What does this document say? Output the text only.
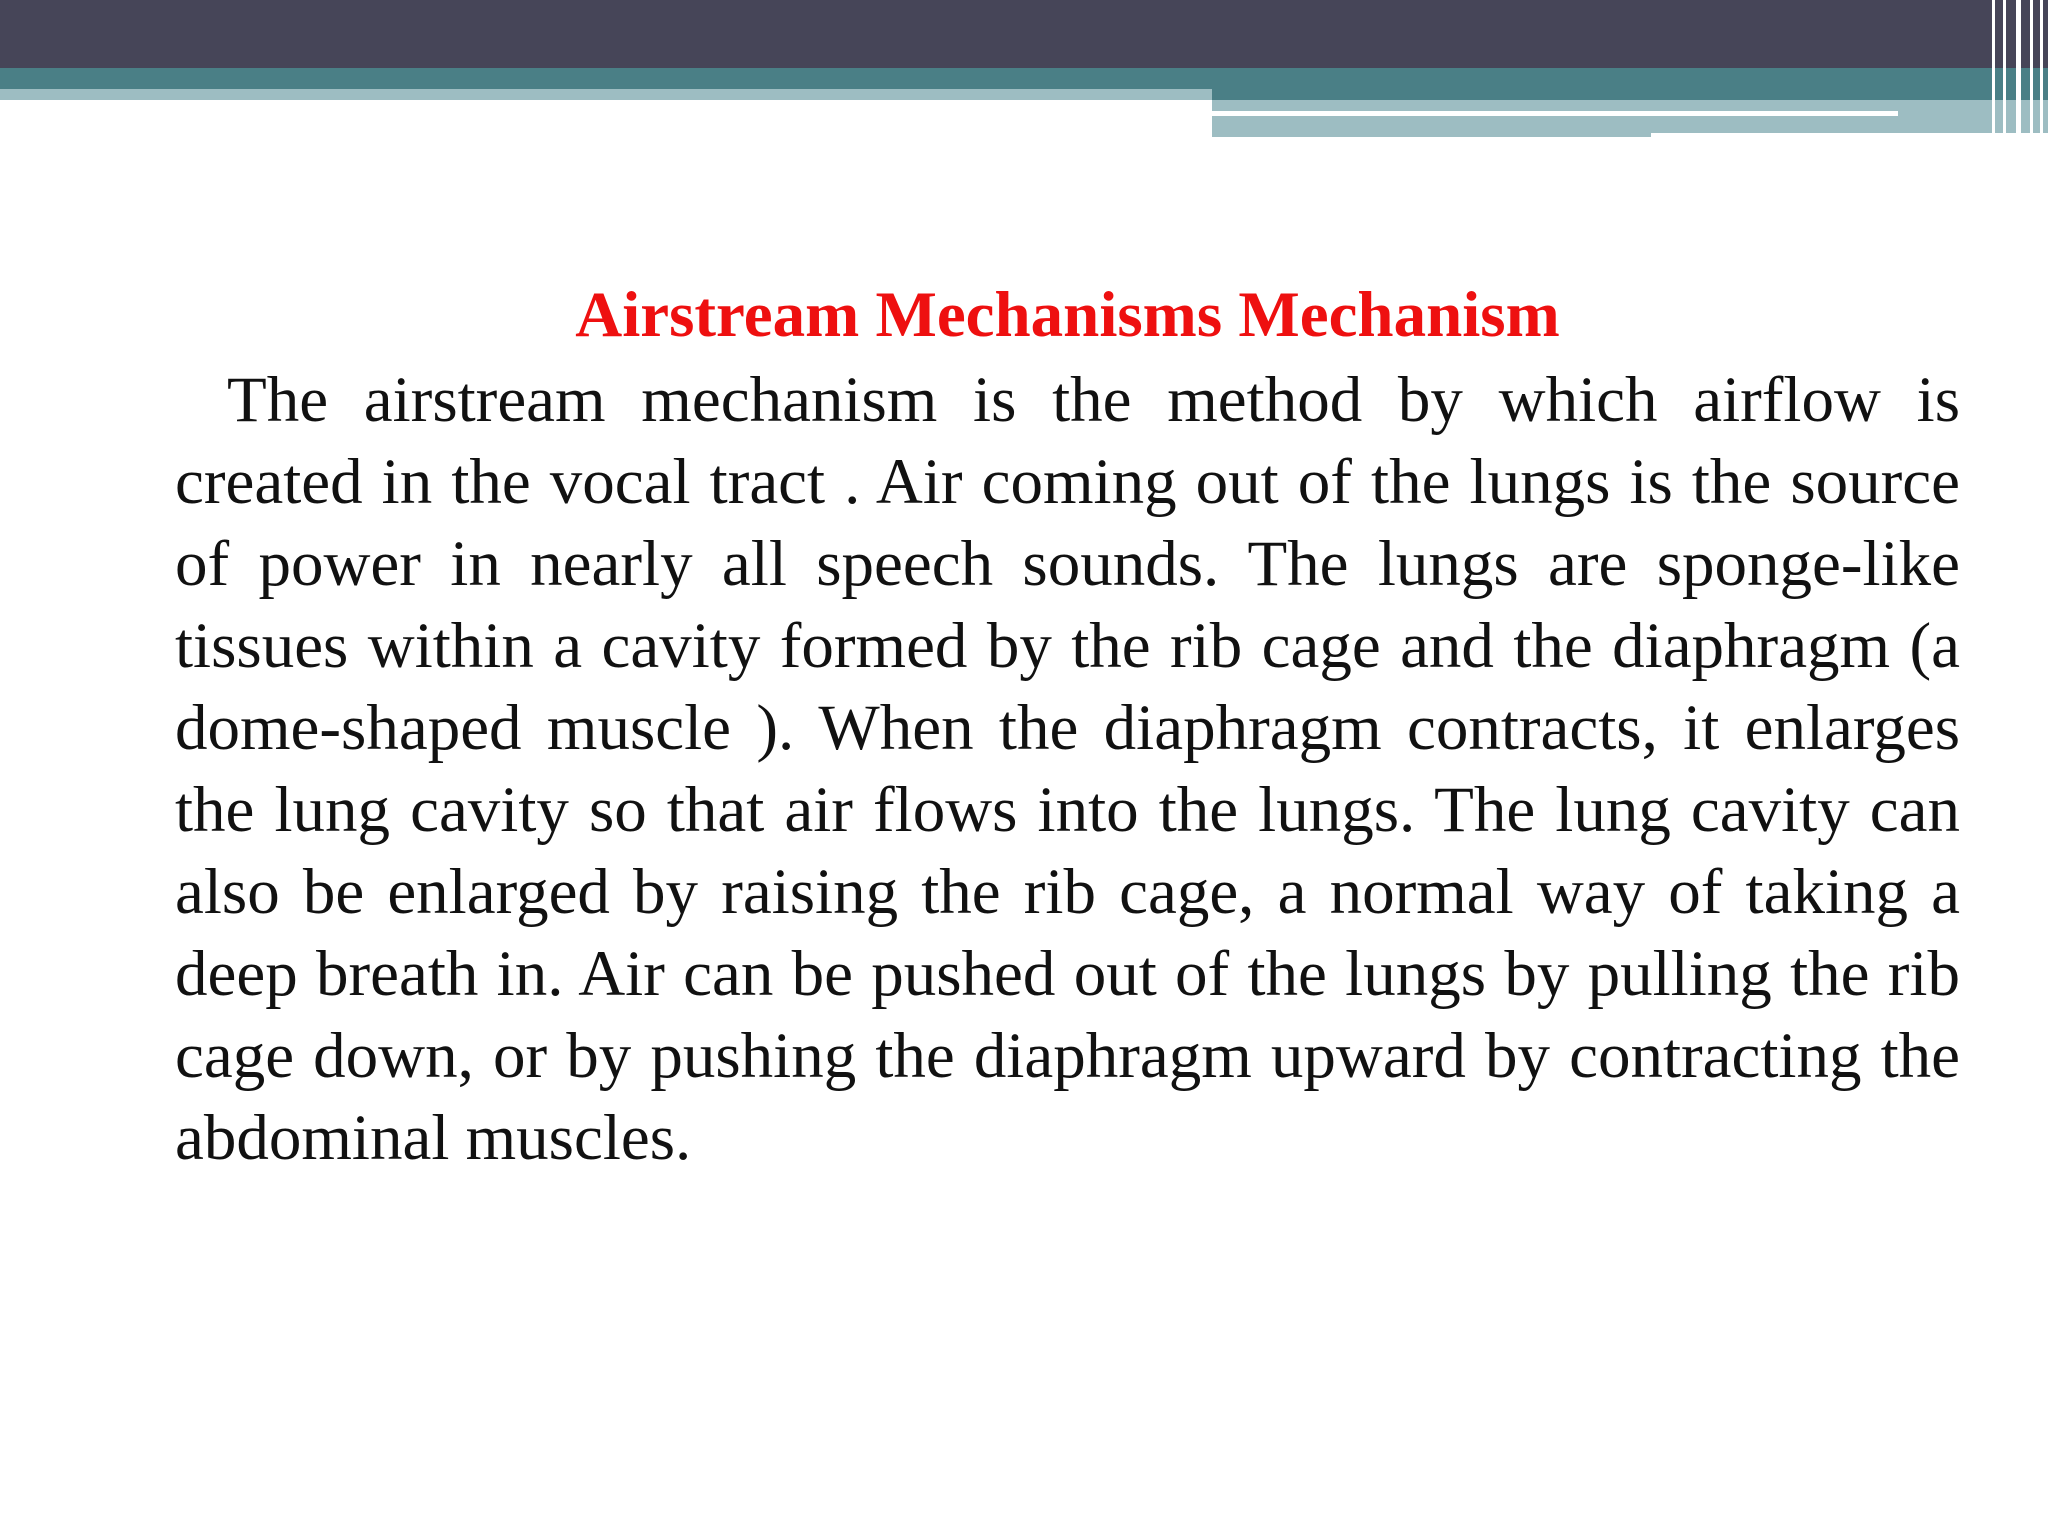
Airstream Mechanisms Mechanism

The airstream mechanism is the method by which airflow is created in the vocal tract . Air coming out of the lungs is the source of power in nearly all speech sounds. The lungs are sponge-like tissues within a cavity formed by the rib cage and the diaphragm (a dome-shaped muscle ). When the diaphragm contracts, it enlarges the lung cavity so that air flows into the lungs. The lung cavity can also be enlarged by raising the rib cage, a normal way of taking a deep breath in. Air can be pushed out of the lungs by pulling the rib cage down, or by pushing the diaphragm upward by contracting the abdominal muscles.
